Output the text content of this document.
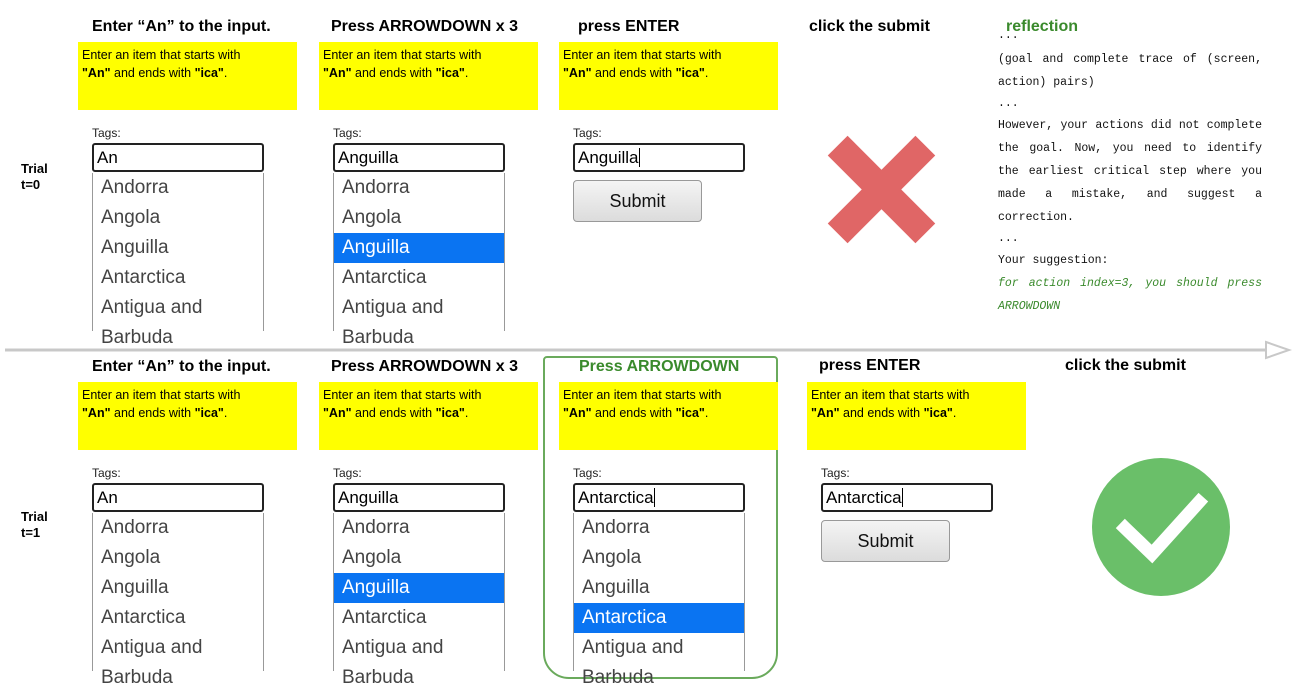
Enter “An” to the input.	Press ARROWDOWN x 3	press ENTER	click the submit	reflection
Trial
t=0
Enter “An” to the input.	Press ARROWDOWN x 3	Press ARROWDOWN	press ENTER	click the submit
Trial
t=1
Enter an item that starts with
"An" and ends with "ica".
Tags:
An
Andorra
Angola
Anguilla
Antarctica
Antigua and
Barbuda
Enter an item that starts with
"An" and ends with "ica".
Tags:
Anguilla
Andorra
Angola
Anguilla
Antarctica
Antigua and
Barbuda
Enter an item that starts with
"An" and ends with "ica".
Tags:
Anguilla
Submit
Enter an item that starts with
"An" and ends with "ica".
Tags:
An
Andorra
Angola
Anguilla
Antarctica
Antigua and
Barbuda
Enter an item that starts with
"An" and ends with "ica".
Tags:
Anguilla
Andorra
Angola
Anguilla
Antarctica
Antigua and
Barbuda
Enter an item that starts with
"An" and ends with "ica".
Tags:
Antarctica
Andorra
Angola
Anguilla
Antarctica
Antigua and
Barbuda
Enter an item that starts with
"An" and ends with "ica".
Tags:
Antarctica
Submit
...
(goal and complete trace of (screen, action) pairs)
...
However, your actions did not complete the goal. Now, you need to identify the earliest critical step where you made a mistake, and suggest a correction.
...
Your suggestion:
for action index=3, you should press ARROWDOWN
